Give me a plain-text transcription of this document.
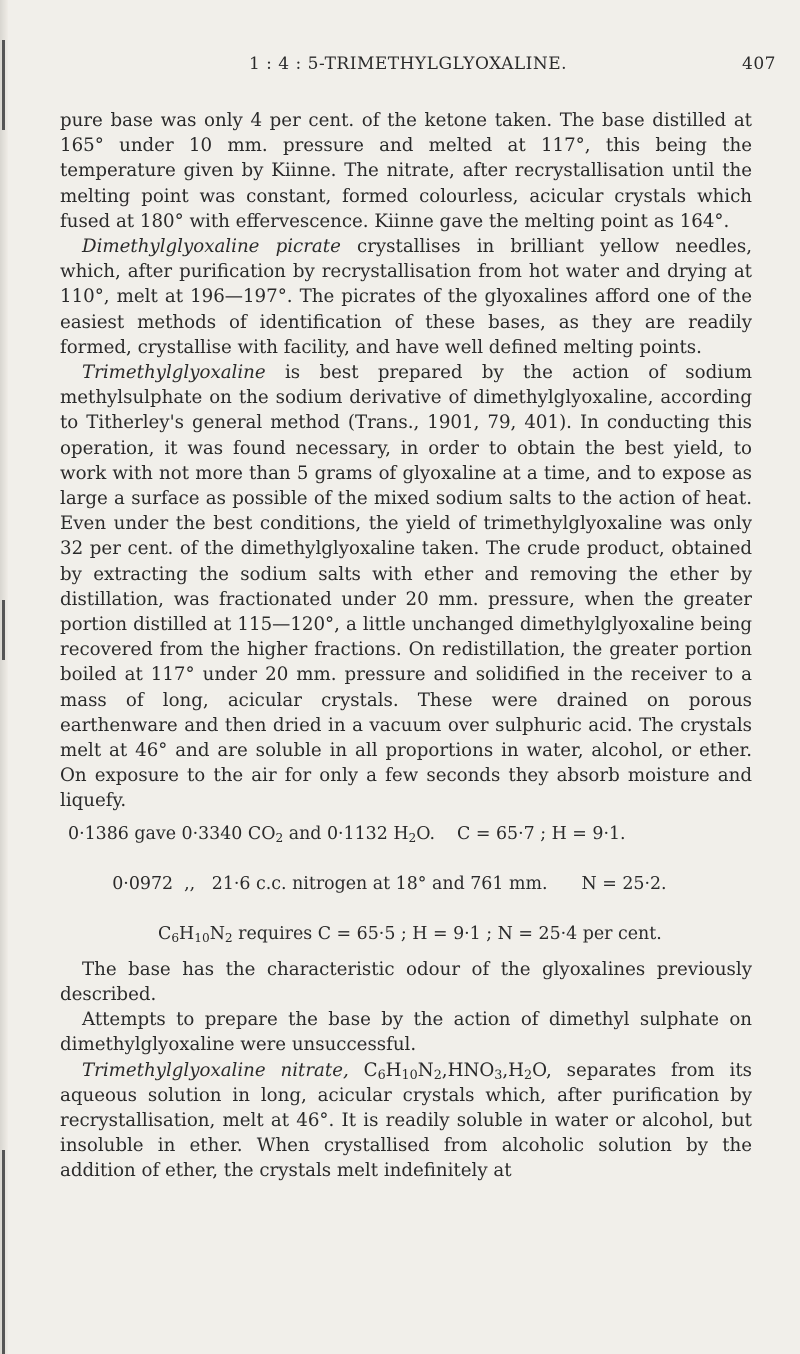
1 : 4 : 5-TRIMETHYLGLYOXALINE.	407

pure base was only 4 per cent. of the ketone taken. The base distilled at 165° under 10 mm. pressure and melted at 117°, this being the temperature given by Kiinne. The nitrate, after recrystallisation until the melting point was constant, formed colourless, acicular crystals which fused at 180° with effervescence. Kiinne gave the melting point as 164°.

Dimethylglyoxaline picrate crystallises in brilliant yellow needles, which, after purification by recrystallisation from hot water and drying at 110°, melt at 196—197°. The picrates of the glyoxalines afford one of the easiest methods of identification of these bases, as they are readily formed, crystallise with facility, and have well defined melting points.

Trimethylglyoxaline is best prepared by the action of sodium methylsulphate on the sodium derivative of dimethylglyoxaline, according to Titherley's general method (Trans., 1901, 79, 401). In conducting this operation, it was found necessary, in order to obtain the best yield, to work with not more than 5 grams of glyoxaline at a time, and to expose as large a surface as possible of the mixed sodium salts to the action of heat. Even under the best conditions, the yield of trimethylglyoxaline was only 32 per cent. of the dimethylglyoxaline taken. The crude product, obtained by extracting the sodium salts with ether and removing the ether by distillation, was fractionated under 20 mm. pressure, when the greater portion distilled at 115—120°, a little unchanged dimethylglyoxaline being recovered from the higher fractions. On redistillation, the greater portion boiled at 117° under 20 mm. pressure and solidified in the receiver to a mass of long, acicular crystals. These were drained on porous earthenware and then dried in a vacuum over sulphuric acid. The crystals melt at 46° and are soluble in all proportions in water, alcohol, or ether. On exposure to the air for only a few seconds they absorb moisture and liquefy.

0·1386 gave 0·3340 $CO_2$ and 0·1132 $H_2O$. C = 65·7 ; H = 9·1.

0·0972  ,,   21·6 c.c. nitrogen at 18° and 761 mm. N = 25·2.

$C_6H_{10}N_2$ requires C = 65·5 ; H = 9·1 ; N = 25·4 per cent.

The base has the characteristic odour of the glyoxalines previously described.

Attempts to prepare the base by the action of dimethyl sulphate on dimethylglyoxaline were unsuccessful.

Trimethylglyoxaline nitrate, $C_6H_{10}N_2,HNO_3,H_2O$, separates from its aqueous solution in long, acicular crystals which, after purification by recrystallisation, melt at 46°. It is readily soluble in water or alcohol, but insoluble in ether. When crystallised from alcoholic solution by the addition of ether, the crystals melt indefinitely at
